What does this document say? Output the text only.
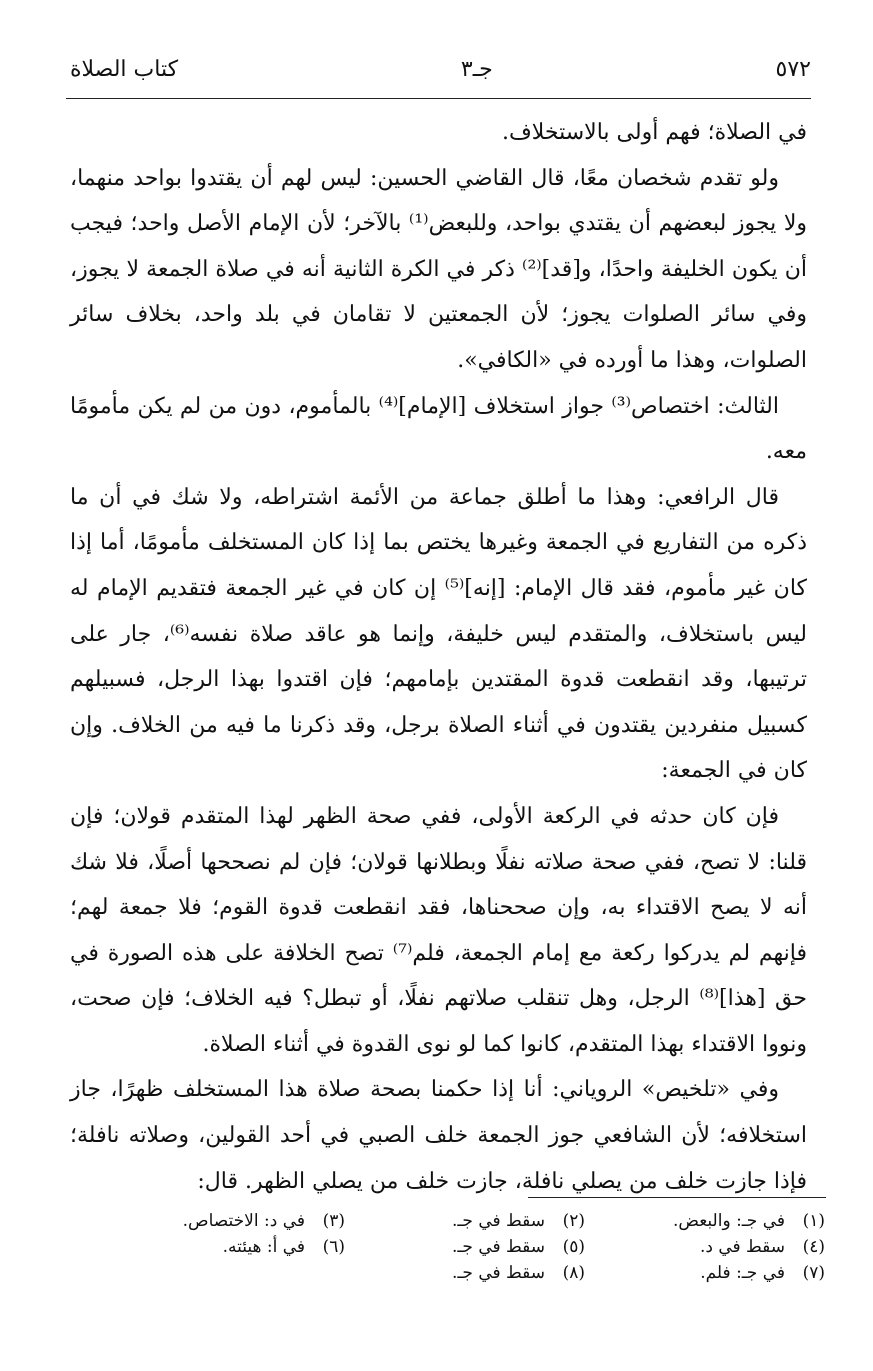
٥٧٢
جـ٣
كتاب الصلاة

في الصلاة؛ فهم أولى بالاستخلاف.

ولو تقدم شخصان معًا، قال القاضي الحسين: ليس لهم أن يقتدوا بواحد منهما، ولا يجوز لبعضهم أن يقتدي بواحد، وللبعض⁽¹⁾ بالآخر؛ لأن الإمام الأصل واحد؛ فيجب أن يكون الخليفة واحدًا، و[قد]⁽²⁾ ذكر في الكرة الثانية أنه في صلاة الجمعة لا يجوز، وفي سائر الصلوات يجوز؛ لأن الجمعتين لا تقامان في بلد واحد، بخلاف سائر الصلوات، وهذا ما أورده في «الكافي».

الثالث: اختصاص⁽³⁾ جواز استخلاف [الإمام]⁽⁴⁾ بالمأموم، دون من لم يكن مأمومًا معه.

قال الرافعي: وهذا ما أطلق جماعة من الأئمة اشتراطه، ولا شك في أن ما ذكره من التفاريع في الجمعة وغيرها يختص بما إذا كان المستخلف مأمومًا، أما إذا كان غير مأموم، فقد قال الإمام: [إنه]⁽⁵⁾ إن كان في غير الجمعة فتقديم الإمام له ليس باستخلاف، والمتقدم ليس خليفة، وإنما هو عاقد صلاة نفسه⁽⁶⁾، جار على ترتيبها، وقد انقطعت قدوة المقتدين بإمامهم؛ فإن اقتدوا بهذا الرجل، فسبيلهم كسبيل منفردين يقتدون في أثناء الصلاة برجل، وقد ذكرنا ما فيه من الخلاف. وإن كان في الجمعة:

فإن كان حدثه في الركعة الأولى، ففي صحة الظهر لهذا المتقدم قولان؛ فإن قلنا: لا تصح، ففي صحة صلاته نفلًا وبطلانها قولان؛ فإن لم نصححها أصلًا، فلا شك أنه لا يصح الاقتداء به، وإن صححناها، فقد انقطعت قدوة القوم؛ فلا جمعة لهم؛ فإنهم لم يدركوا ركعة مع إمام الجمعة، فلم⁽⁷⁾ تصح الخلافة على هذه الصورة في حق [هذا]⁽⁸⁾ الرجل، وهل تنقلب صلاتهم نفلًا، أو تبطل؟ فيه الخلاف؛ فإن صحت، ونووا الاقتداء بهذا المتقدم، كانوا كما لو نوى القدوة في أثناء الصلاة.

وفي «تلخيص» الروياني: أنا إذا حكمنا بصحة صلاة هذا المستخلف ظهرًا، جاز استخلافه؛ لأن الشافعي جوز الجمعة خلف الصبي في أحد القولين، وصلاته نافلة؛ فإذا جازت خلف من يصلي نافلة، جازت خلف من يصلي الظهر. قال:

(١)في جـ: والبعض.
(٢)سقط في جـ.
(٣)في د: الاختصاص.
(٤)سقط في د.
(٥)سقط في جـ.
(٦)في أ: هيئته.
(٧)في جـ: فلم.
(٨)سقط في جـ.
